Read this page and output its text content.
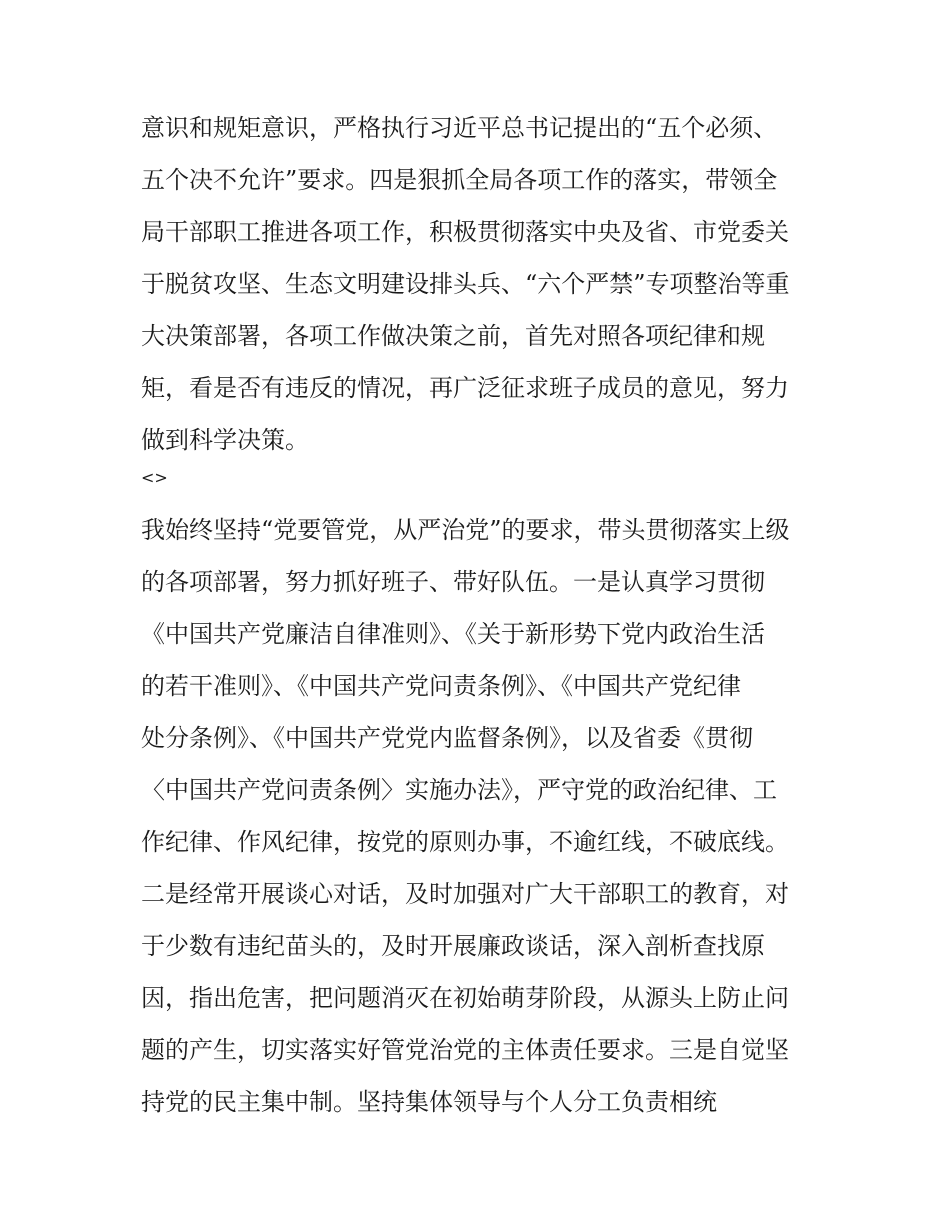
意识和规矩意识，严格执行习近平总书记提出的“五个必须、
五个决不允许”要求。四是狠抓全局各项工作的落实，带领全
局干部职工推进各项工作，积极贯彻落实中央及省、市党委关
于脱贫攻坚、生态文明建设排头兵、“六个严禁”专项整治等重
大决策部署，各项工作做决策之前，首先对照各项纪律和规
矩，看是否有违反的情况，再广泛征求班子成员的意见，努力
做到科学决策。
<>
我始终坚持“党要管党，从严治党”的要求，带头贯彻落实上级
的各项部署，努力抓好班子、带好队伍。一是认真学习贯彻
《中国共产党廉洁自律准则》、《关于新形势下党内政治生活
的若干准则》、《中国共产党问责条例》、《中国共产党纪律
处分条例》、《中国共产党党内监督条例》，以及省委《贯彻
〈中国共产党问责条例〉实施办法》，严守党的政治纪律、工
作纪律、作风纪律，按党的原则办事，不逾红线，不破底线。
二是经常开展谈心对话，及时加强对广大干部职工的教育，对
于少数有违纪苗头的，及时开展廉政谈话，深入剖析查找原
因，指出危害，把问题消灭在初始萌芽阶段，从源头上防止问
题的产生，切实落实好管党治党的主体责任要求。三是自觉坚
持党的民主集中制。坚持集体领导与个人分工负责相统
